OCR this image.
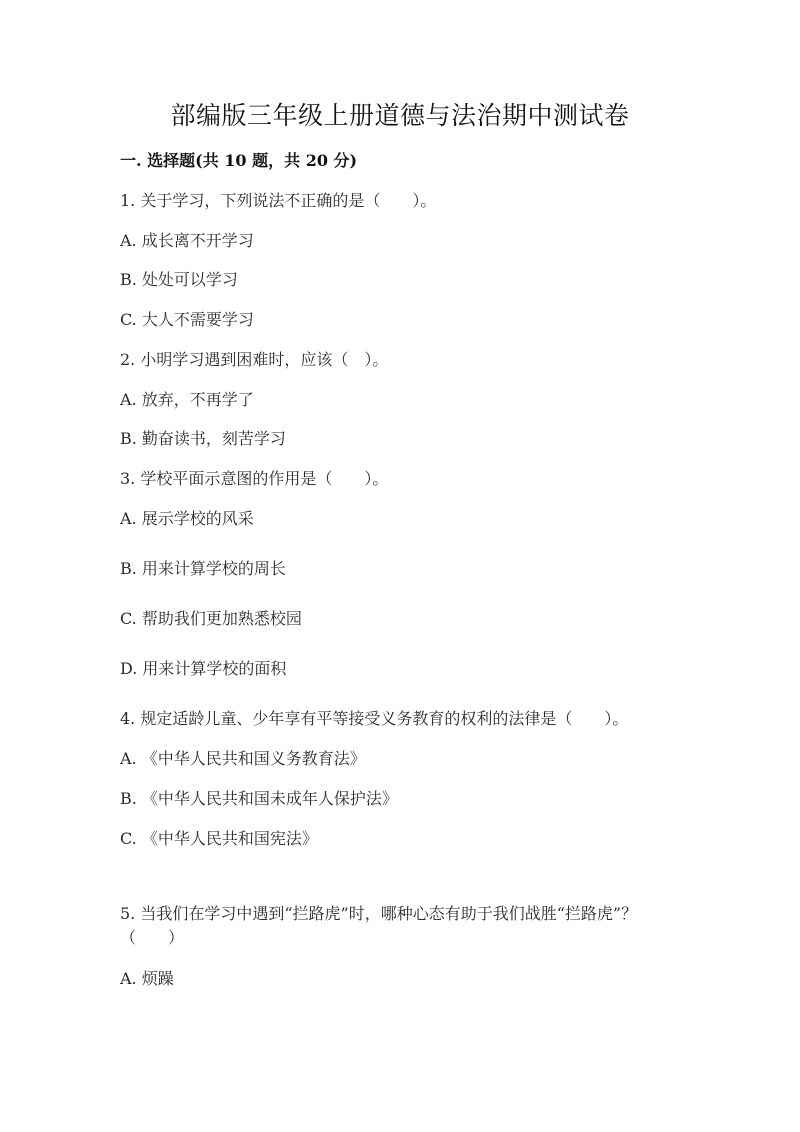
部编版三年级上册道德与法治期中测试卷
一. 选择题(共 10 题，共 20 分)
1. 关于学习，下列说法不正确的是（　　）。
A. 成长离不开学习
B. 处处可以学习
C. 大人不需要学习
2. 小明学习遇到困难时，应该（　）。
A. 放弃，不再学了
B. 勤奋读书，刻苦学习
3. 学校平面示意图的作用是（　　）。
A. 展示学校的风采
B. 用来计算学校的周长
C. 帮助我们更加熟悉校园
D. 用来计算学校的面积
4. 规定适龄儿童、少年享有平等接受义务教育的权利的法律是（　　）。
A. 《中华人民共和国义务教育法》
B. 《中华人民共和国未成年人保护法》
C. 《中华人民共和国宪法》
5. 当我们在学习中遇到“拦路虎”时，哪种心态有助于我们战胜“拦路虎”？（　　）
A. 烦躁
